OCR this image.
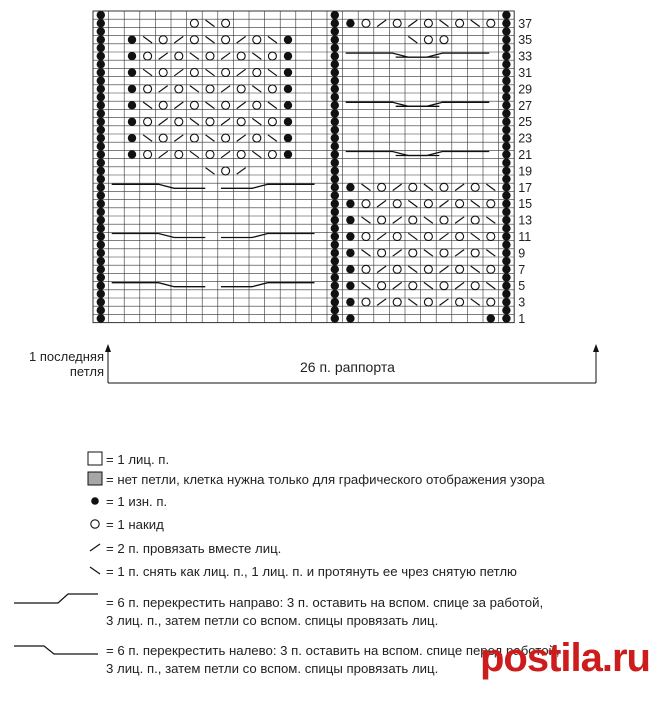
1
3
5
7
9
11
13
15
17
19
21
23
25
27
29
31
33
35
37
1 последняя
петля	26 п. раппорта
= 1 лиц. п.
= нет петли, клетка нужна только для графического отображения узора
= 1 изн. п.
= 1 накид
= 2 п. провязать вместе лиц.
= 1 п. снять как лиц. п., 1 лиц. п. и протянуть ее чрез снятую петлю
= 6 п. перекрестить направо: 3 п. оставить на вспом. спице за работой,
3 лиц. п., затем петли со вспом. спицы провязать лиц.
= 6 п. перекрестить налево: 3 п. оставить на вспом. спице перед работой,
3 лиц. п., затем петли со вспом. спицы провязать лиц. postila.ru
